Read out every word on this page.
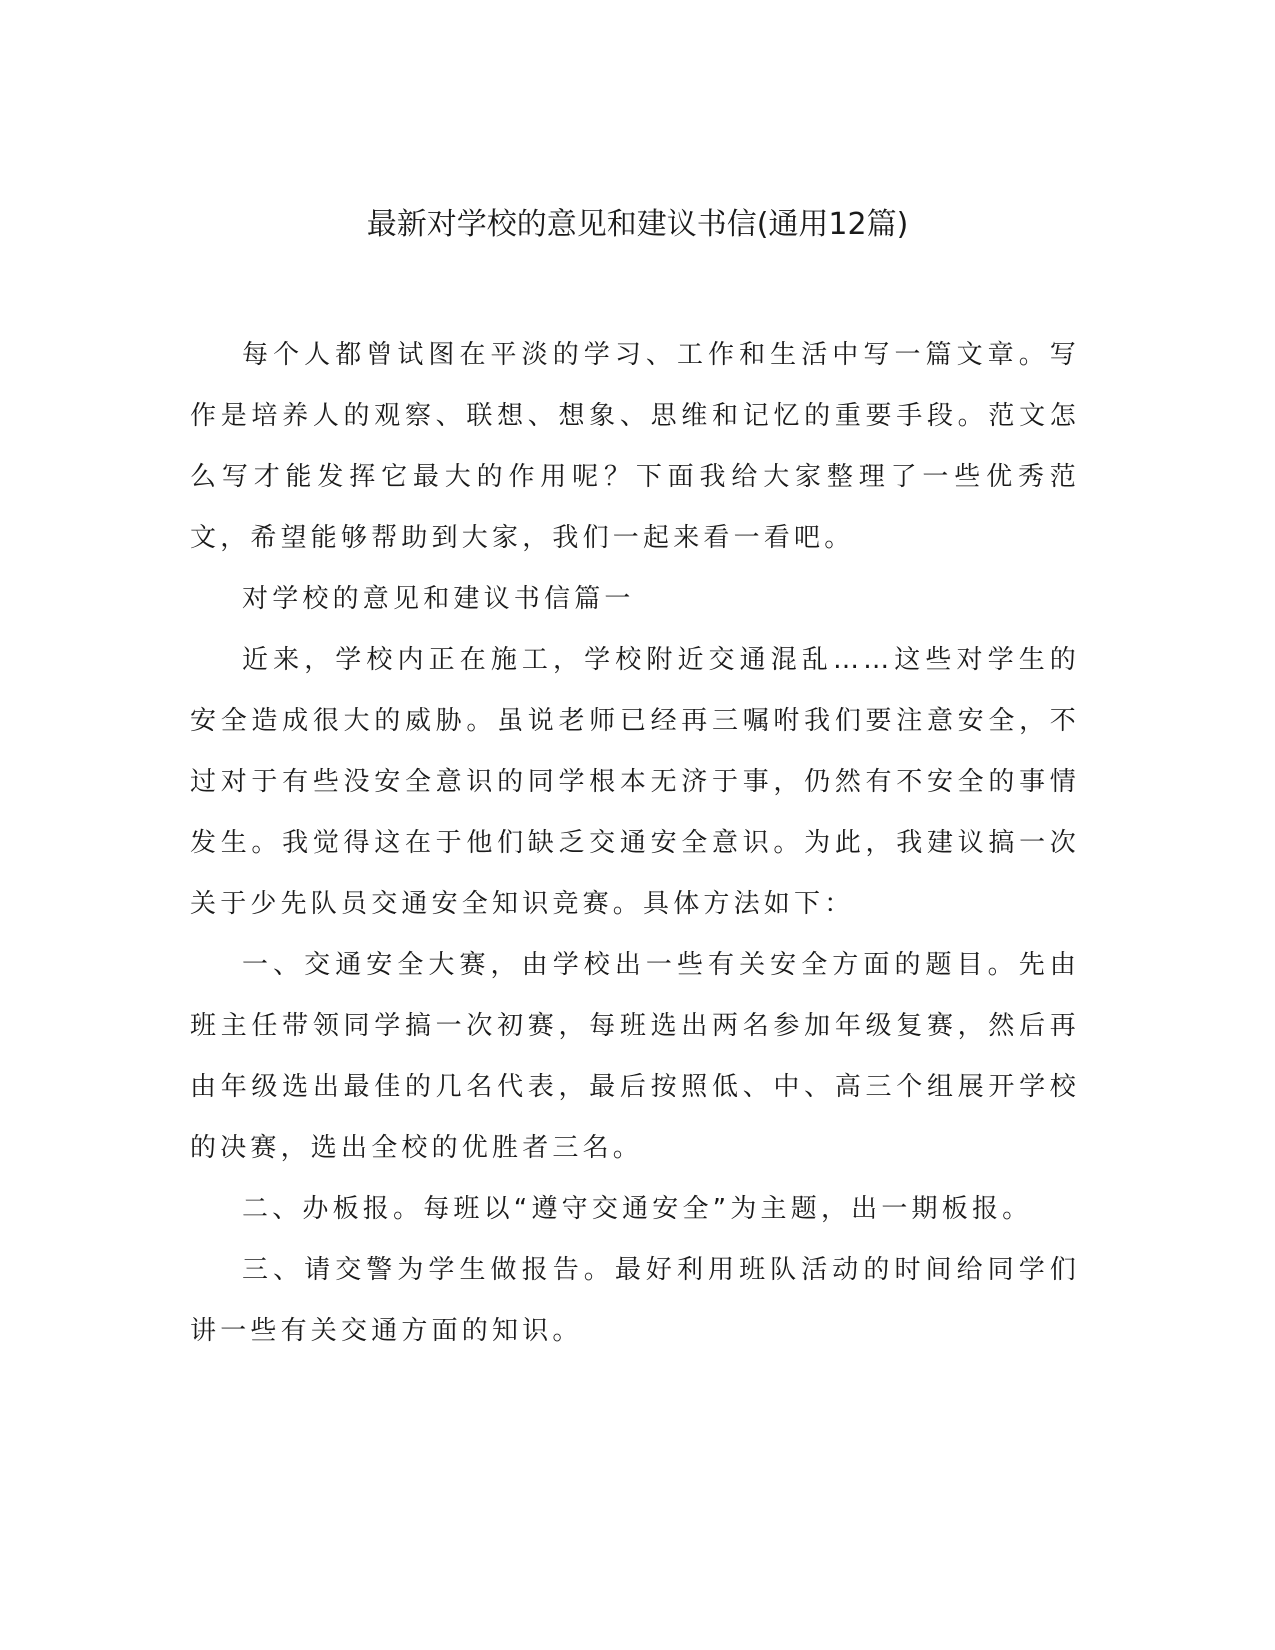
最新对学校的意见和建议书信(通用12篇)

每个人都曾试图在平淡的学习、工作和生活中写一篇文章。写作是培养人的观察、联想、想象、思维和记忆的重要手段。范文怎么写才能发挥它最大的作用呢？下面我给大家整理了一些优秀范文，希望能够帮助到大家，我们一起来看一看吧。

对学校的意见和建议书信篇一

近来，学校内正在施工，学校附近交通混乱……这些对学生的安全造成很大的威胁。虽说老师已经再三嘱咐我们要注意安全，不过对于有些没安全意识的同学根本无济于事，仍然有不安全的事情发生。我觉得这在于他们缺乏交通安全意识。为此，我建议搞一次关于少先队员交通安全知识竞赛。具体方法如下：

一、交通安全大赛，由学校出一些有关安全方面的题目。先由班主任带领同学搞一次初赛，每班选出两名参加年级复赛，然后再由年级选出最佳的几名代表，最后按照低、中、高三个组展开学校的决赛，选出全校的优胜者三名。

二、办板报。每班以“遵守交通安全”为主题，出一期板报。

三、请交警为学生做报告。最好利用班队活动的时间给同学们讲一些有关交通方面的知识。
